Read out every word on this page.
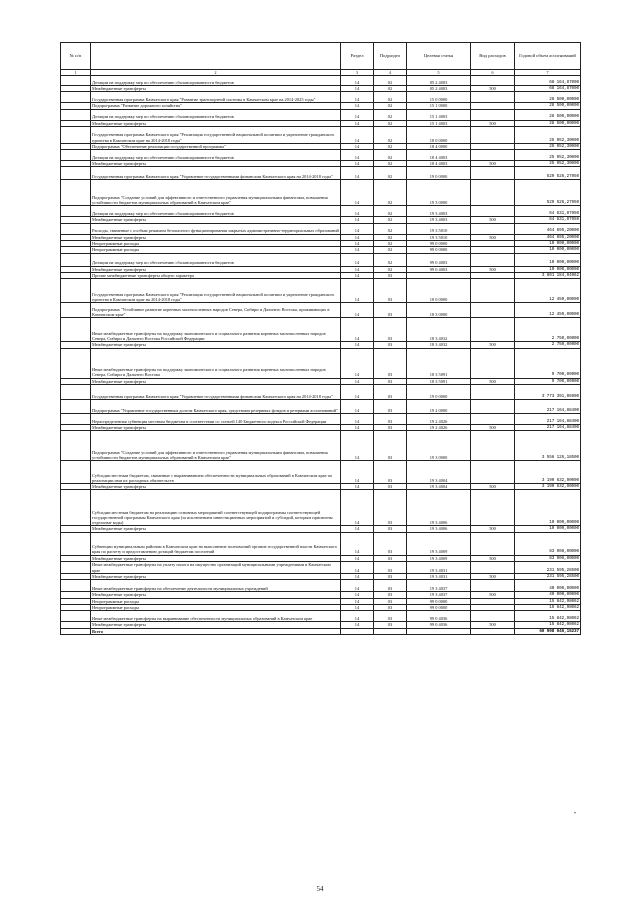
№ п/п		Раздел	Подраздел	Целевая статья	Вид расходов	Годовой объем ассигнований
1	2	3	4	5	6	7
	Дотации на поддержку мер по обеспечению сбалансированности бюджетов	14	02	05 2 4003		68 164,87000
	Межбюджетные трансферты	14	02	05 2 4003	500	68 164,87000
	Государственная программа Камчатского края "Развитие транспортной системы в Камчатском крае на 2014-2025 годы"	14	02	15 0 0000		28 500,00000
	Подпрограмма "Развитие дорожного хозяйства"	14	02	15 1 0000		28 500,00000
	Дотации на поддержку мер по обеспечению сбалансированности бюджетов	14	02	15 1 4003		28 500,00000
	Межбюджетные трансферты	14	02	15 1 4003	500	28 500,00000
	Государственная программа Камчатского края "Реализация государственной национальной политики и укрепление гражданского единства в Камчатском крае на 2014-2018 годы"	14	02	18 0 0000		25 952,30000
	Подпрограмма "Обеспечение реализации государственной программы"	14	02	18 4 0000		25 952,30000
	Дотации на поддержку мер по обеспечению сбалансированности бюджетов	14	02	18 4 4003		25 952,30000
	Межбюджетные трансферты	14	02	18 4 4003	500	25 952,30000
	Государственная программа Камчатского края "Управление государственными финансами Камчатского края на 2014-2018 годы"	14	02	19 0 0000		529 526,27950
	Подпрограмма "Создание условий для эффективного и ответственного управления муниципальными финансами, повышения устойчивости бюджетов муниципальных образований в Камчатском крае"	14	02	19 3 0000		529 526,27950
	Дотации на поддержку мер по обеспечению сбалансированности бюджетов	14	02	19 3 4003		64 831,07950
	Межбюджетные трансферты	14	02	19 3 4003	500	64 831,07950
	Расходы, связанные с особым режимом безопасного функционирования закрытых административно-территориальных образований	14	02	19 3 5010		464 695,20000
	Межбюджетные трансферты	14	02	19 3 5010	500	464 695,20000
	Непрограммные расходы	14	02	99 0 0000		10 000,00000
	Непрограммные расходы	14	02	99 0 0000		10 000,00000
	Дотации на поддержку мер по обеспечению сбалансированности бюджетов	14	02	99 0 4003		10 000,00000
	Межбюджетные трансферты	14	02	99 0 4003	500	10 000,00000
	Прочие межбюджетные трансферты общего характера	14	03			3 801 184,04962
	Государственная программа Камчатского края "Реализация государственной национальной политики и укрепление гражданского единства в Камчатском крае на 2014-2018 годы"	14	03	18 0 0000		12 450,00000
	Подпрограмма "Устойчивое развитие коренных малочисленных народов Севера, Сибири и Дальнего Востока, проживающих в Камчатском крае"	14	03	18 3 0000		12 450,00000
	Иные межбюджетные трансферты на поддержку экономического и социального развития коренных малочисленных народов Севера, Сибири и Дальнего Востока Российской Федерации	14	03	18 3 4032		2 750,00000
	Межбюджетные трансферты	14	03	18 3 4032	500	2 750,00000
	Иные межбюджетные трансферты на поддержку экономического и социального развития коренных малочисленных народов Севера, Сибири и Дальнего Востока	14	03	18 3 5091		9 700,00000
	Межбюджетные трансферты	14	03	18 3 5091	500	9 700,00000
	Государственная программа Камчатского края "Управление государственными финансами Камчатского края на 2014-2018 годы"	14	03	19 0 0000		3 773 391,06900
	Подпрограмма "Управление государственным долгом Камчатского края, средствами резервных фондов и резервами ассигнований"	14	03	19 2 0000		217 164,88400
	Нераспределенная субвенция местным бюджетам в соответствии со статьей 140 Бюджетного кодекса Российской Федерации	14	03	19 2 4026		217 164,88400
	Межбюджетные трансферты	14	03	19 2 4026	500	217 164,88400
	Подпрограмма "Создание условий для эффективного и ответственного управления муниципальными финансами, повышения устойчивости бюджетов муниципальных образований в Камчатском крае"	14	03	19 3 0000		3 556 126,18500
	Субсидии местным бюджетам, связанные с выравниванием обеспеченности муниципальных образований в Камчатском крае по реализации ими их расходных обязательств	14	03	19 3 4004		3 190 632,90000
	Межбюджетные трансферты	14	03	19 3 4004	500	3 190 632,90000
	Субсидии местным бюджетам на реализацию основных мероприятий соответствующей подпрограммы соответствующей государственной программы Камчатского края (за исключением инвестиционных мероприятий и субсидий, которым присвоены отдельные коды)	14	03	19 3 4006		10 000,00000
	Межбюджетные трансферты	14	03	19 3 4006	500	10 000,00000
	Субвенции муниципальным районам в Камчатском крае на выполнение полномочий органов государственной власти Камчатского края по расчету и предоставлению дотаций бюджетам поселений	14	03	19 3 4009		83 908,00000
	Межбюджетные трансферты	14	03	19 3 4009	500	83 908,00000
	Иные межбюджетные трансферты на уплату налога на имущество организаций муниципальными учреждениями в Камчатском крае	14	03	19 3 4031		231 595,28500
	Межбюджетные трансферты	14	03	19 3 4031	500	231 595,28500
	Иные межбюджетные трансферты на обеспечение деятельности муниципальных учреждений	14	03	19 3 4037		40 000,00000
	Межбюджетные трансферты	14	03	19 3 4037	500	40 000,00000
	Непрограммные расходы	14	03	99 0 0000		15 842,98062
	Непрограммные расходы	14	03	99 0 0000		15 842,98062
	Иные межбюджетные трансферты на выравнивание обеспеченности муниципальных образований в Камчатском крае	14	03	99 0 4036		15 842,98062
	Межбюджетные трансферты	14	03	99 0 4036	500	15 842,98062
	Всего					60 998 046,15237
"
54
